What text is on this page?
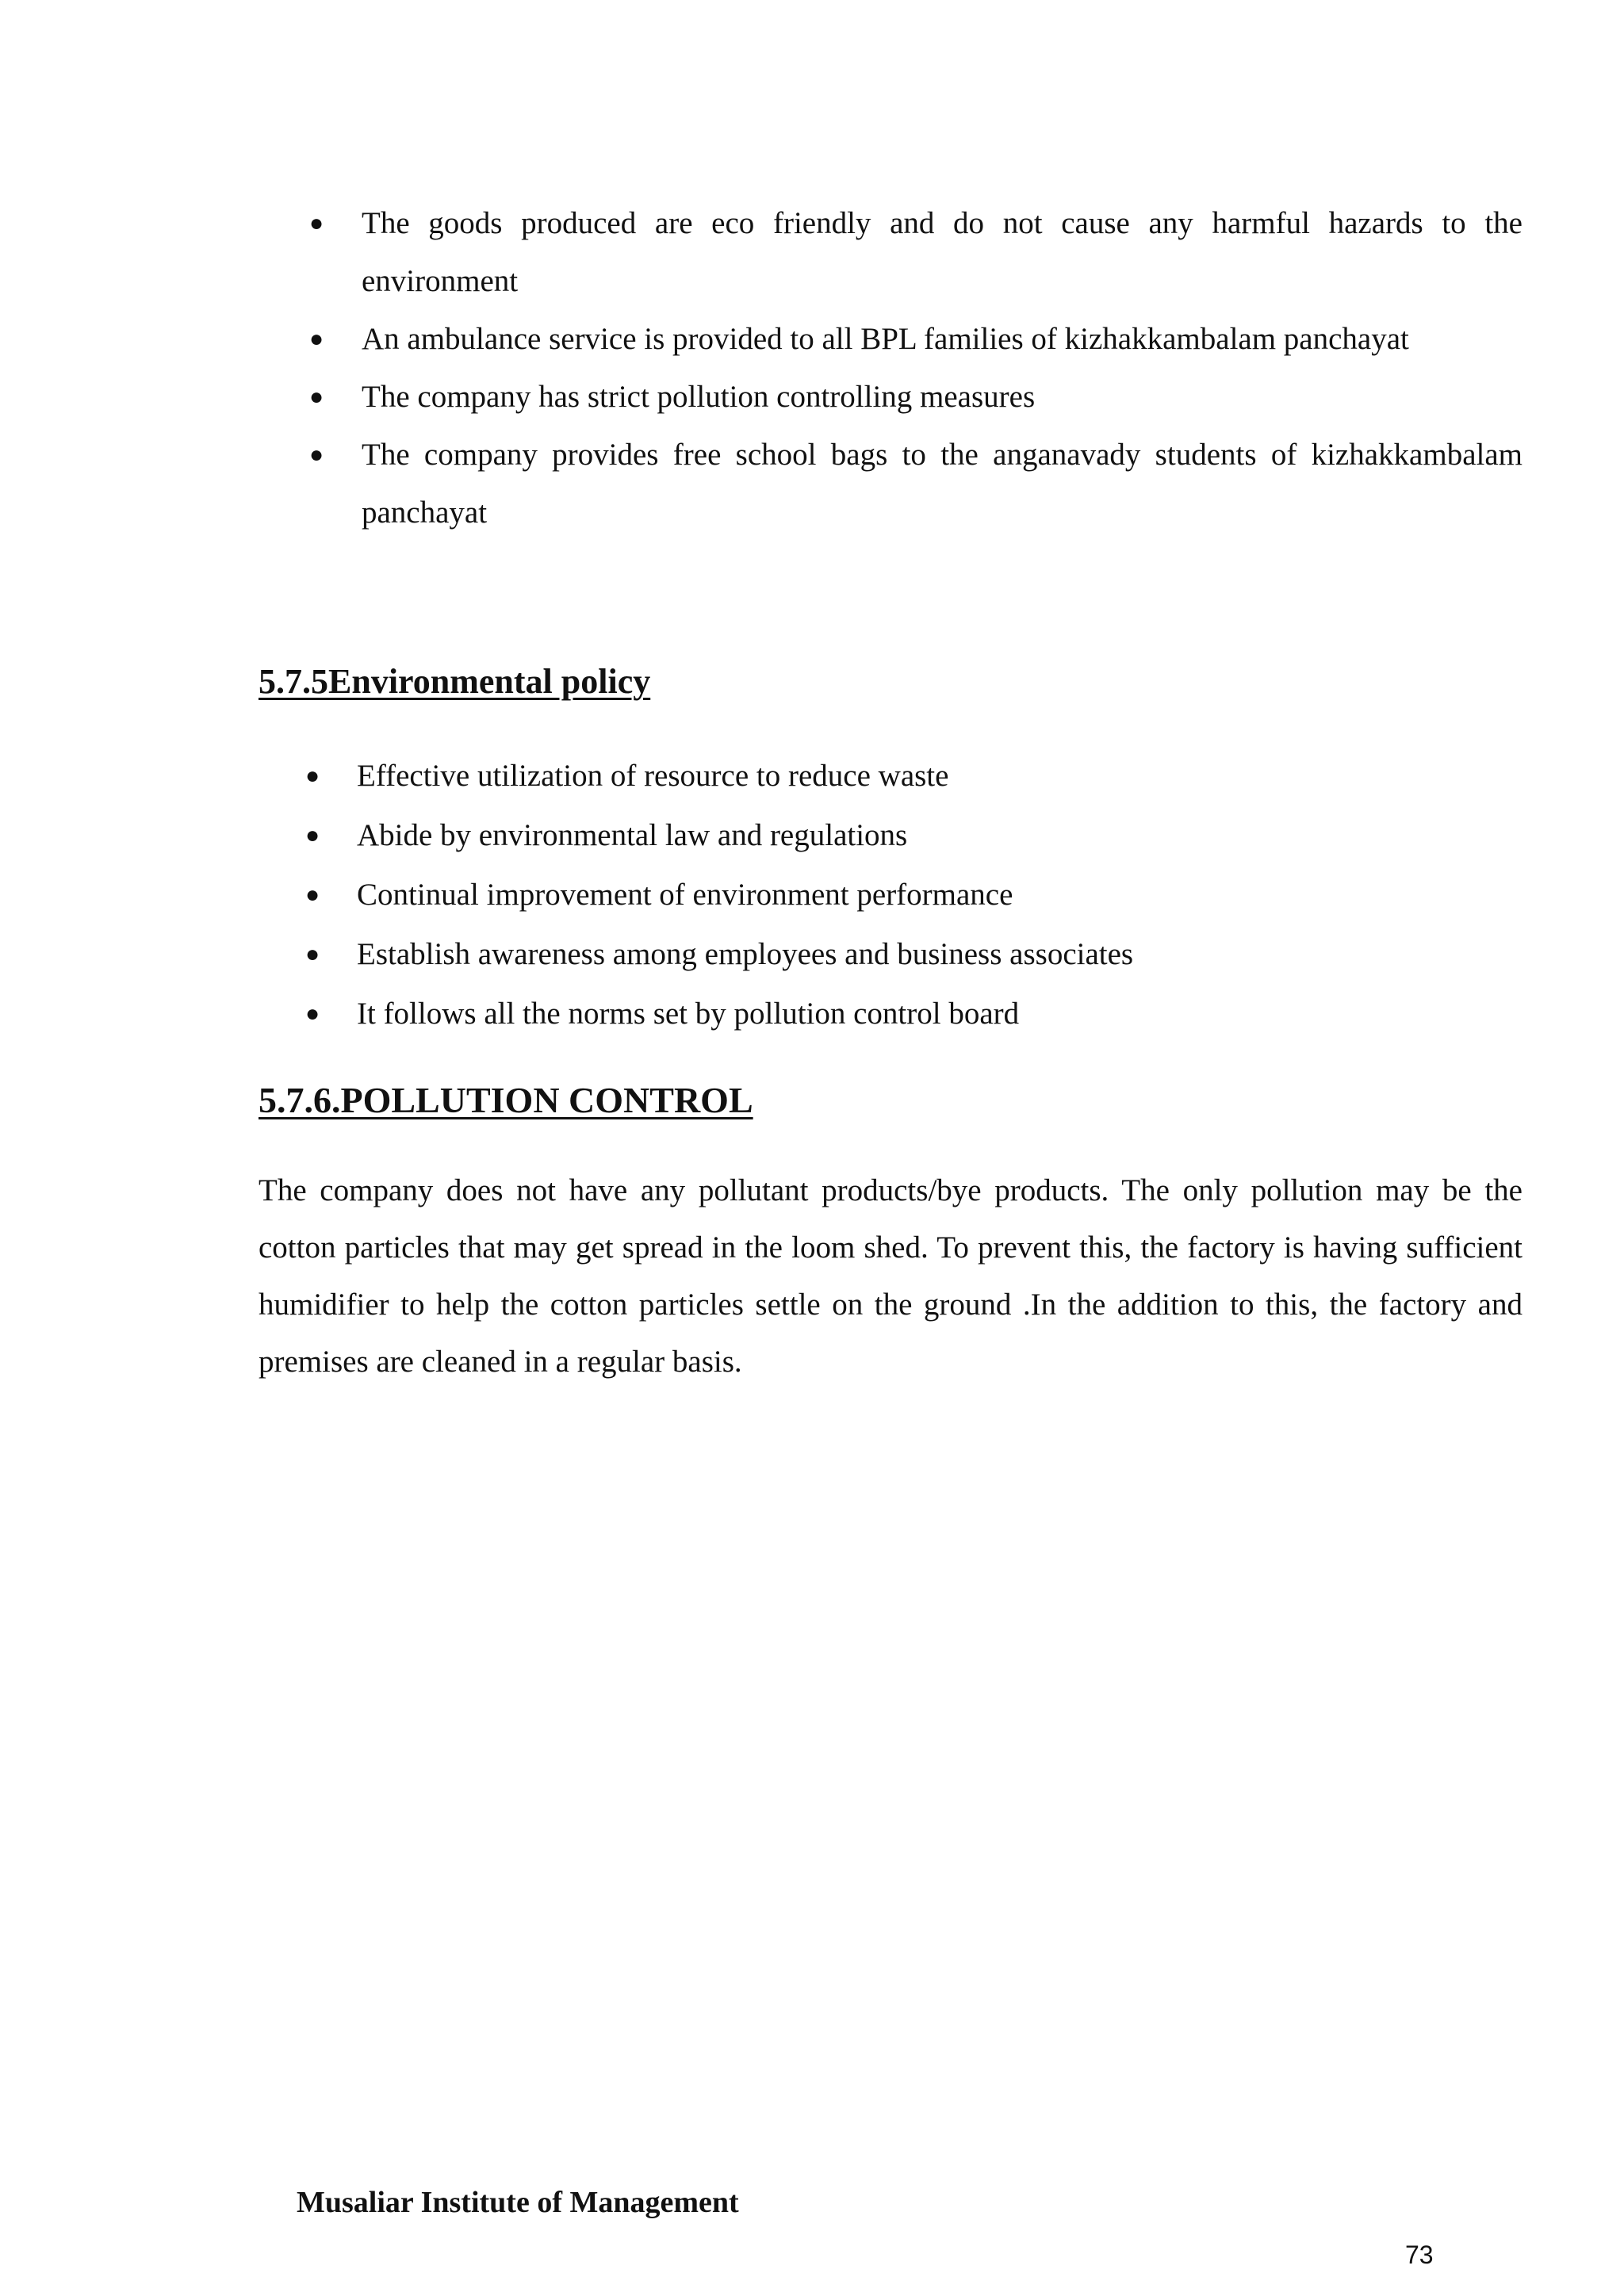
● The goods produced are eco friendly and do not cause any harmful hazards to the environment
● An ambulance service is provided to all BPL families of kizhakkambalam panchayat
● The company has strict pollution controlling measures
● The company provides free school bags to the anganavady students of kizhakkambalam panchayat
5.7.5Environmental policy
● Effective utilization of resource to reduce waste
● Abide by environmental law and regulations
● Continual improvement of environment performance
● Establish awareness among employees and business associates
● It follows all the norms set by pollution control board
5.7.6.POLLUTION CONTROL

The company does not have any pollutant products/bye products. The only pollution may be the cotton particles that may get spread in the loom shed. To prevent this, the factory is having sufficient humidifier to help the cotton particles settle on the ground .In the addition to this, the factory and premises are cleaned in a regular basis.

Musaliar Institute of Management
73
